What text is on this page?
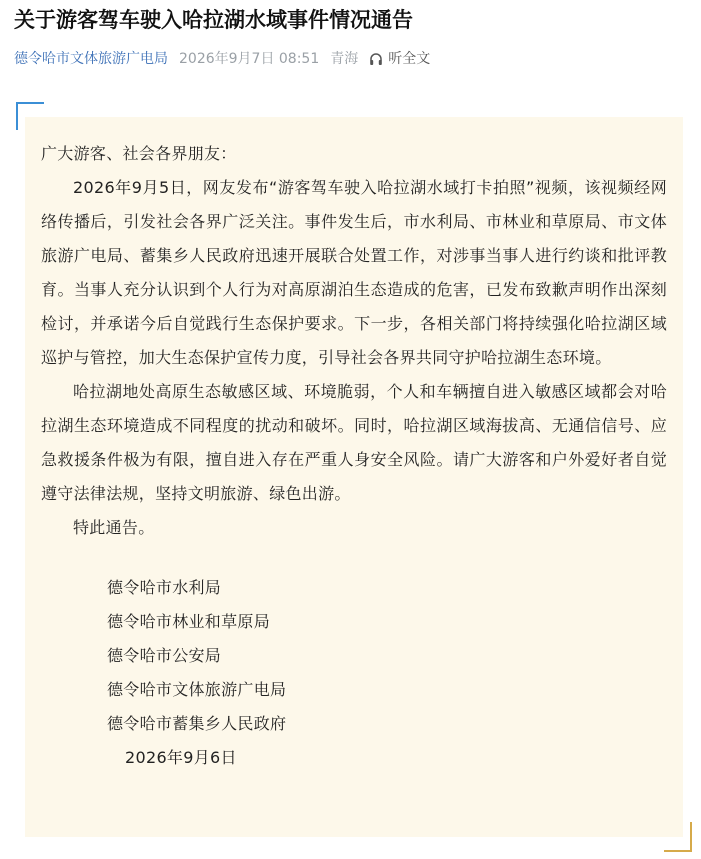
关于游客驾车驶入哈拉湖水域事件情况通告
德令哈市文体旅游广电局 2026年9月7日 08:51 青海 听全文

广大游客、社会各界朋友：

2026年9月5日，网友发布“游客驾车驶入哈拉湖水域打卡拍照”视频，该视频经网络传播后，引发社会各界广泛关注。事件发生后，市水利局、市林业和草原局、市文体旅游广电局、蓄集乡人民政府迅速开展联合处置工作，对涉事当事人进行约谈和批评教育。当事人充分认识到个人行为对高原湖泊生态造成的危害，已发布致歉声明作出深刻检讨，并承诺今后自觉践行生态保护要求。下一步，各相关部门将持续强化哈拉湖区域巡护与管控，加大生态保护宣传力度，引导社会各界共同守护哈拉湖生态环境。

哈拉湖地处高原生态敏感区域、环境脆弱，个人和车辆擅自进入敏感区域都会对哈拉湖生态环境造成不同程度的扰动和破坏。同时，哈拉湖区域海拔高、无通信信号、应急救援条件极为有限，擅自进入存在严重人身安全风险。请广大游客和户外爱好者自觉遵守法律法规，坚持文明旅游、绿色出游。

特此通告。

德令哈市水利局

德令哈市林业和草原局

德令哈市公安局

德令哈市文体旅游广电局

德令哈市蓄集乡人民政府

2026年9月6日
